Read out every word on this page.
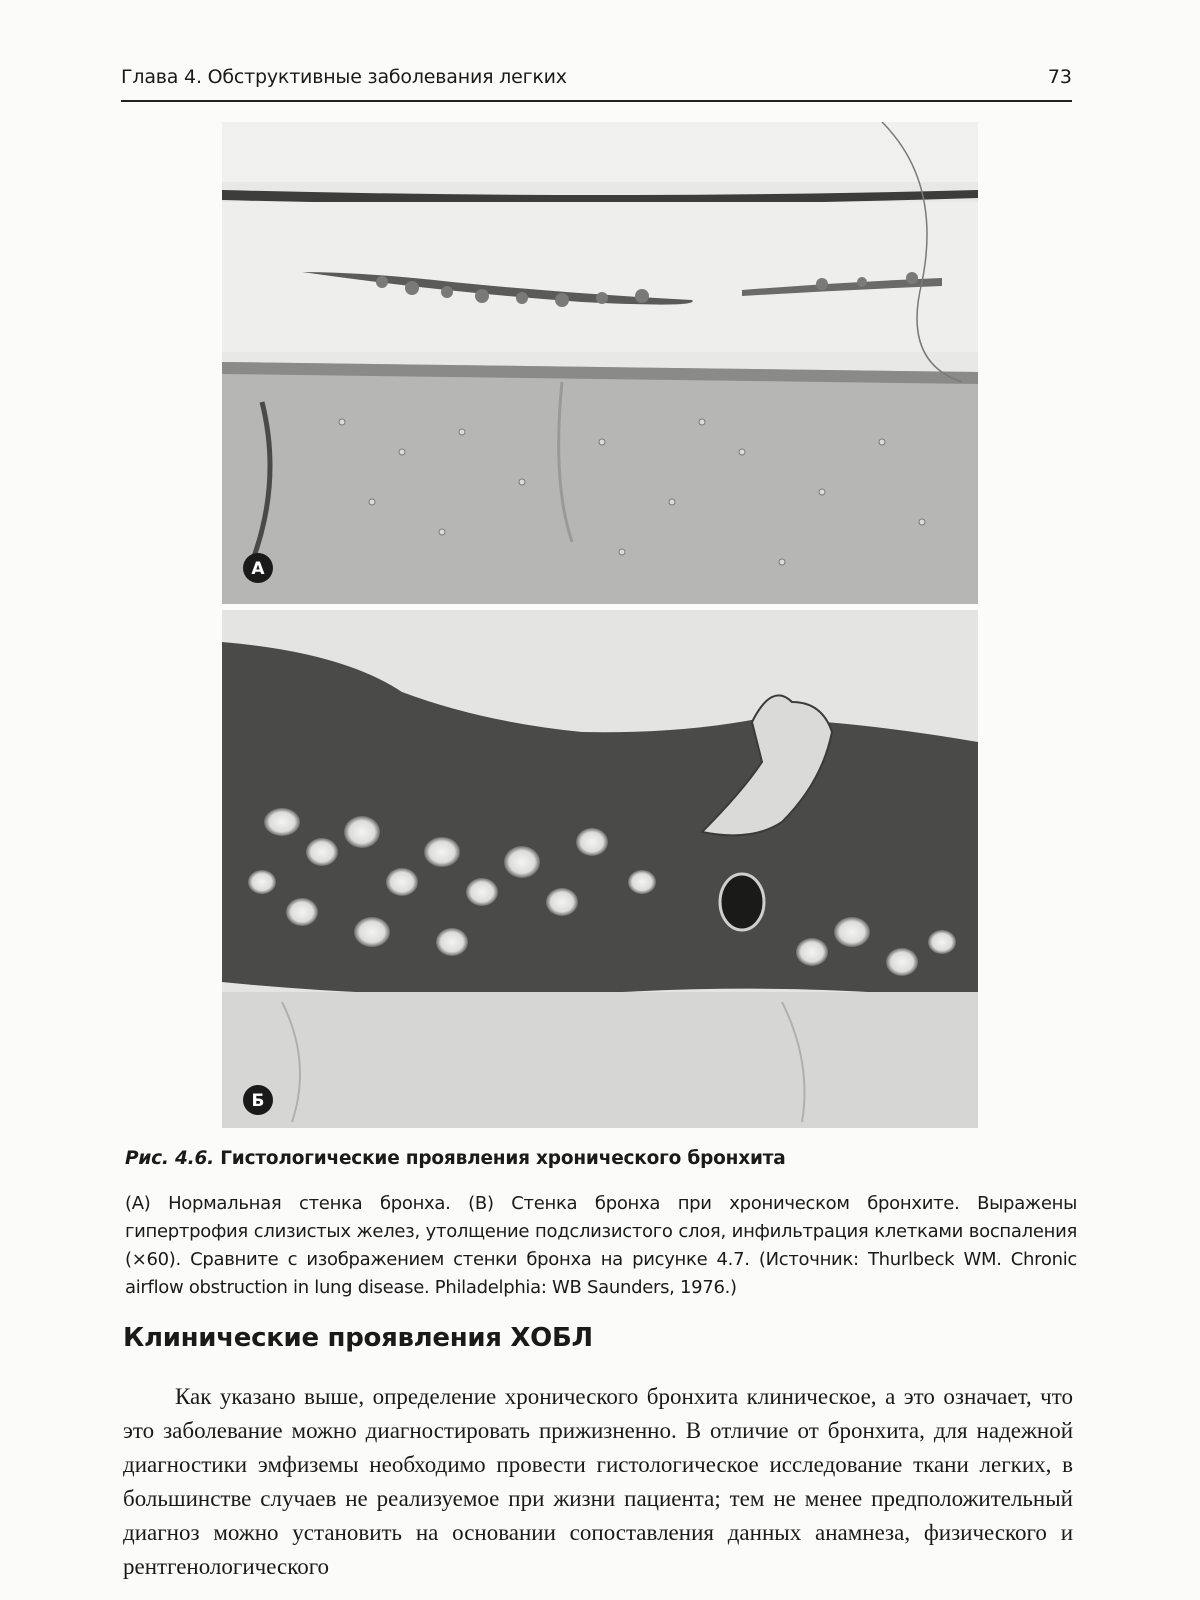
Глава 4. Обструктивные заболевания легких	73
А
Б
Рис. 4.6. Гистологические проявления хронического бронхита
(А) Нормальная стенка бронха. (В) Стенка бронха при хроническом бронхите. Выражены гипертрофия слизистых желез, утолщение подслизистого слоя, инфильтрация клетками воспаления (×60). Сравните с изображением стенки бронха на рисунке 4.7. (Источник: Thurlbeck WM. Chronic airflow obstruction in lung disease. Philadelphia: WB Saunders, 1976.)
Клинические проявления ХОБЛ

Как указано выше, определение хронического бронхита клиническое, а это означает, что это заболевание можно диагностировать прижизненно. В отличие от бронхита, для надежной диагностики эмфиземы необходимо провести гистологическое исследование ткани легких, в большинстве случаев не реализуемое при жизни пациента; тем не менее предположительный диагноз можно установить на основании сопоставления данных анамнеза, физического и рентгенологического
